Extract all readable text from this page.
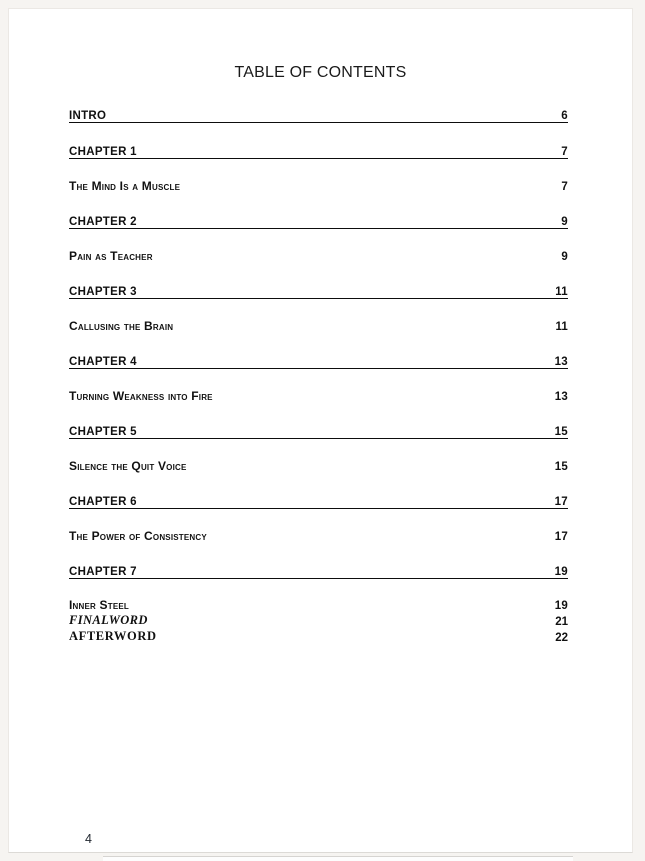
TABLE OF CONTENTS
INTRO	6
CHAPTER 1	7
The Mind Is a Muscle	7
CHAPTER 2	9
Pain as Teacher	9
CHAPTER 3	11
Callusing the Brain	11
CHAPTER 4	13
Turning Weakness into Fire	13
CHAPTER 5	15
Silence the Quit Voice	15
CHAPTER 6	17
The Power of Consistency	17
CHAPTER 7	19
Inner Steel	19
FINALWORD	21
AFTERWORD	22
4
